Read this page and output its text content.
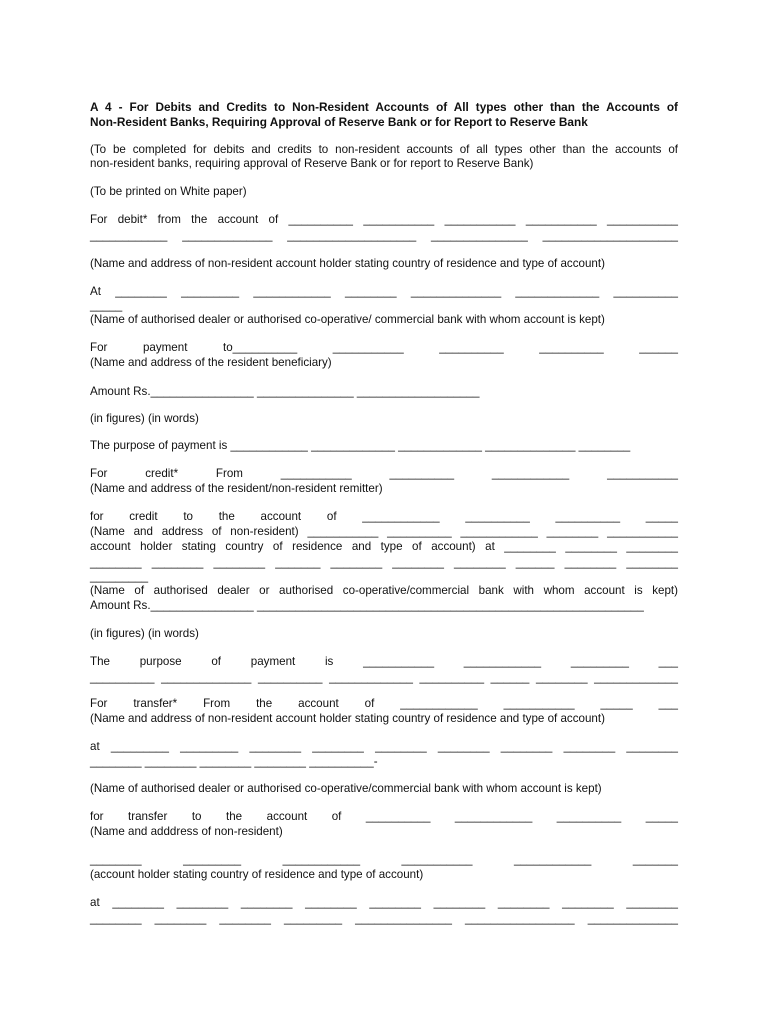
A 4 - For Debits and Credits to Non-Resident Accounts of All types other than the Accounts of
Non-Resident Banks, Requiring Approval of Reserve Bank or for Report to Reserve Bank
(To be completed for debits and credits to non-resident accounts of all types other than the accounts of
non-resident banks, requiring approval of Reserve Bank or for report to Reserve Bank)
(To be printed on White paper)
For debit* from the account of __________ ___________ ___________ ___________ ___________
____________ ______________ ____________________ _______________ _____________________
(Name and address of non-resident account holder stating country of residence and type of account)
At ________ _________ ____________ ________ ______________ _____________ __________
_____
(Name of authorised dealer or authorised co-operative/ commercial bank with whom account is kept)
For payment to__________ ___________ __________ __________ ______
(Name and address of the resident beneficiary)
Amount Rs.________________ _______________ ___________________
(in figures) (in words)
The purpose of payment is ____________ _____________ _____________ ______________ ________
For credit* From ___________ __________ ____________ ___________
(Name and address of the resident/non-resident remitter)
for credit to the account of ____________ __________ __________ _____
(Name and address of non-resident) ___________ __________ ____________ ________ ___________
account holder stating country of residence and type of account) at ________ ________ ________
________ ________ ________ _______ ________ ________ ________ ______ ________ ________
_________
(Name of authorised dealer or authorised co-operative/commercial bank with whom account is kept)
Amount Rs.________________ ____________________________________________________________
(in figures) (in words)
The purpose of payment is ___________ ____________ _________ ___
__________ ______________ __________ _____________ __________ ______ ________ _____________
For transfer* From the account of ____________ ___________ _____ ___
(Name and address of non-resident account holder stating country of residence and type of account)
at _________ _________ ________ ________ ________ ________ ________ ________ ________
________ ________ ________ ________ __________-
(Name of authorised dealer or authorised co-operative/commercial bank with whom account is kept)
for transfer to the account of __________ ____________ __________ _____
(Name and adddress of non-resident)
________ _________ ____________ ___________ ____________ _______
(account holder stating country of residence and type of account)
at ________ ________ ________ ________ ________ ________ ________ ________ ________
________ ________ ________ _________ _______________ _________________ ______________
